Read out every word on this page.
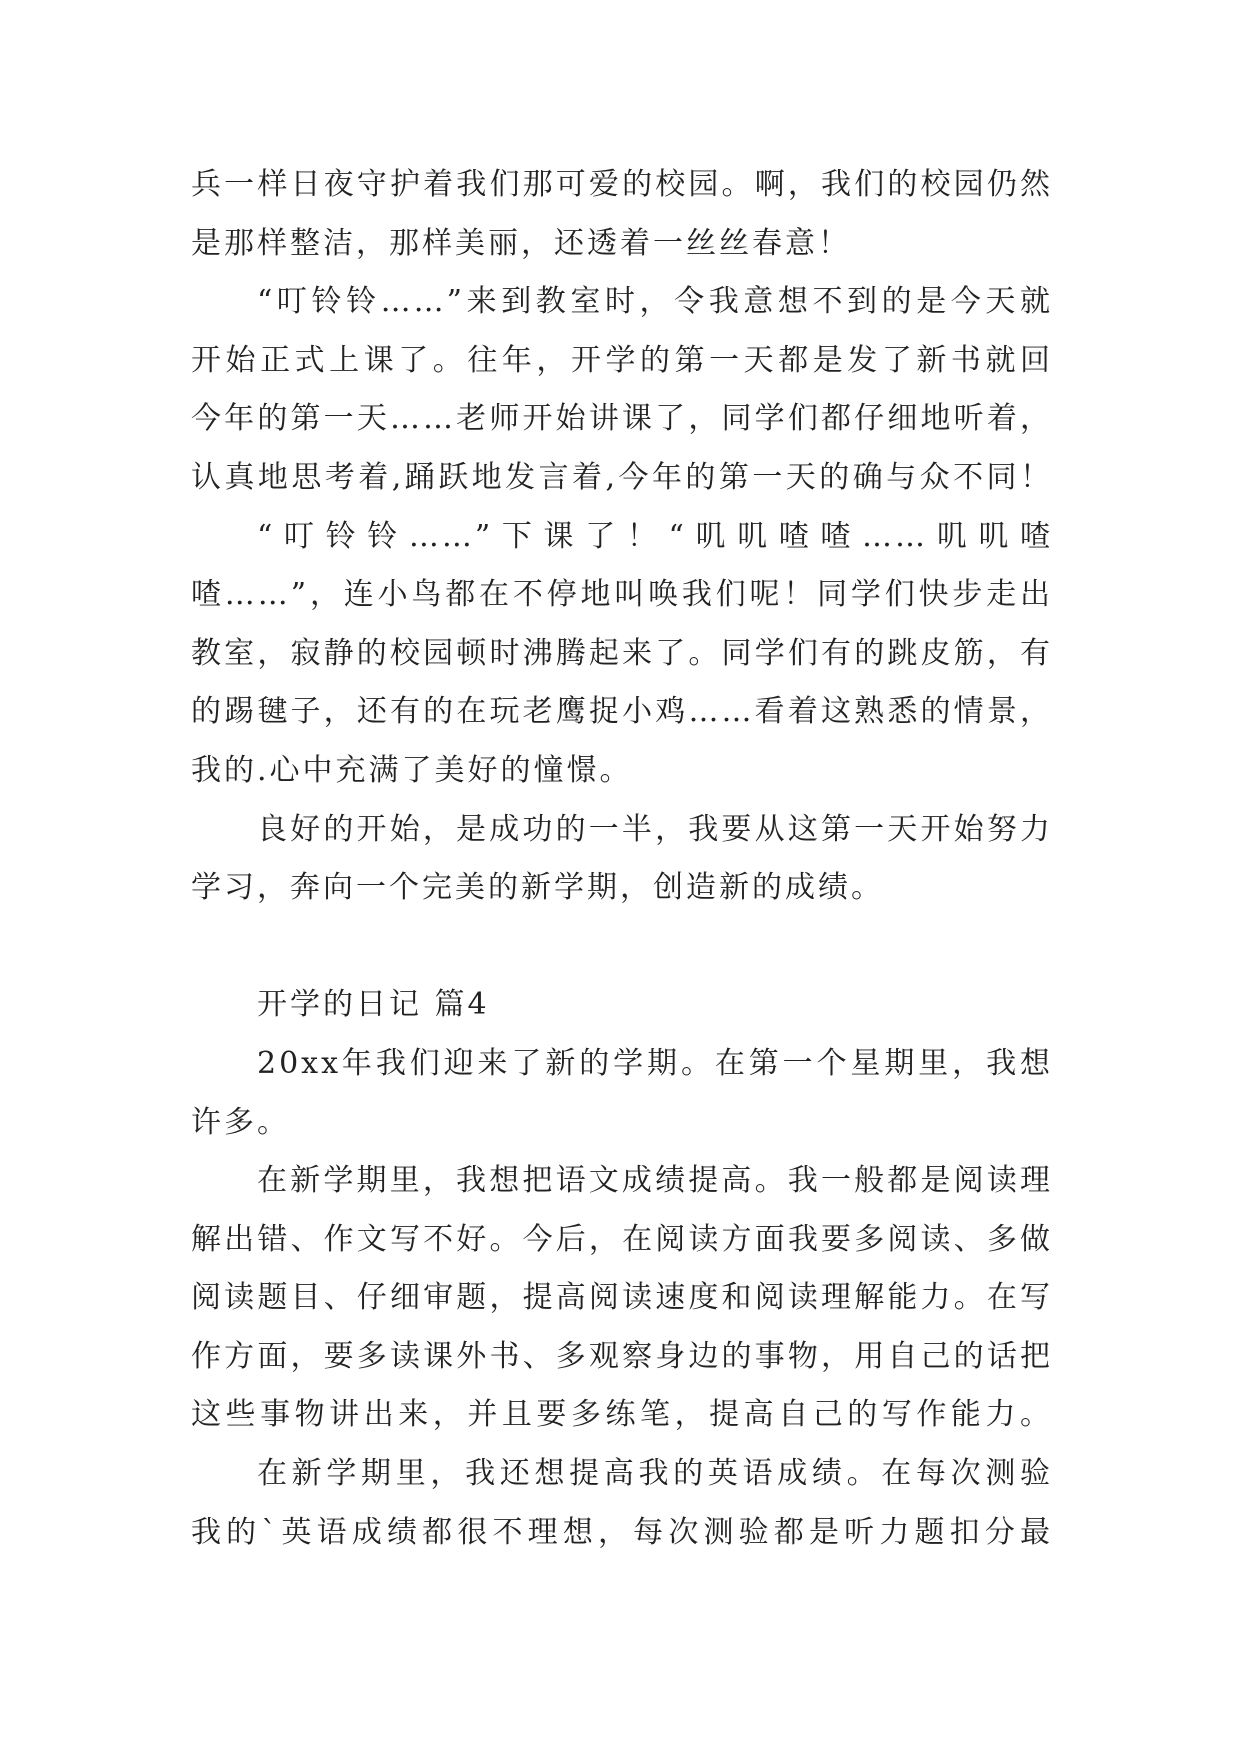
兵一样日夜守护着我们那可爱的校园。啊，我们的校园仍然
是那样整洁，那样美丽，还透着一丝丝春意！
“叮铃铃……”来到教室时，令我意想不到的是今天就
开始正式上课了。往年，开学的第一天都是发了新书就回
今年的第一天……老师开始讲课了，同学们都仔细地听着，
认真地思考着,踊跃地发言着,今年的第一天的确与众不同！
“叮铃铃……”下课了！“叽叽喳喳……叽叽喳
喳……”，连小鸟都在不停地叫唤我们呢！同学们快步走出
教室，寂静的校园顿时沸腾起来了。同学们有的跳皮筋，有
的踢毽子，还有的在玩老鹰捉小鸡……看着这熟悉的情景，
我的.心中充满了美好的憧憬。
良好的开始，是成功的一半，我要从这第一天开始努力
学习，奔向一个完美的新学期，创造新的成绩。
开学的日记 篇4
20xx年我们迎来了新的学期。在第一个星期里，我想
许多。
在新学期里，我想把语文成绩提高。我一般都是阅读理
解出错、作文写不好。今后，在阅读方面我要多阅读、多做
阅读题目、仔细审题，提高阅读速度和阅读理解能力。在写
作方面，要多读课外书、多观察身边的事物，用自己的话把
这些事物讲出来，并且要多练笔，提高自己的写作能力。
在新学期里，我还想提高我的英语成绩。在每次测验
我的`英语成绩都很不理想，每次测验都是听力题扣分最
